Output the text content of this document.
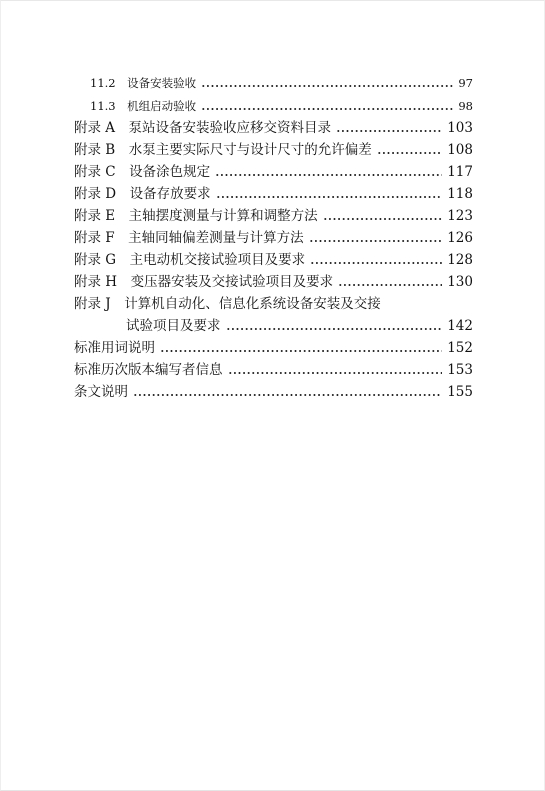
11.2　设备安装验收	97
11.3　机组启动验收	98
附录 A　泵站设备安装验收应移交资料目录	103
附录 B　水泵主要实际尺寸与设计尺寸的允许偏差	108
附录 C　设备涂色规定	117
附录 D　设备存放要求	118
附录 E　主轴摆度测量与计算和调整方法	123
附录 F　主轴同轴偏差测量与计算方法	126
附录 G　主电动机交接试验项目及要求	128
附录 H　变压器安装及交接试验项目及要求	130
附录 J　计算机自动化、信息化系统设备安装及交接
试验项目及要求	142
标准用词说明	152
标准历次版本编写者信息	153
条文说明	155
